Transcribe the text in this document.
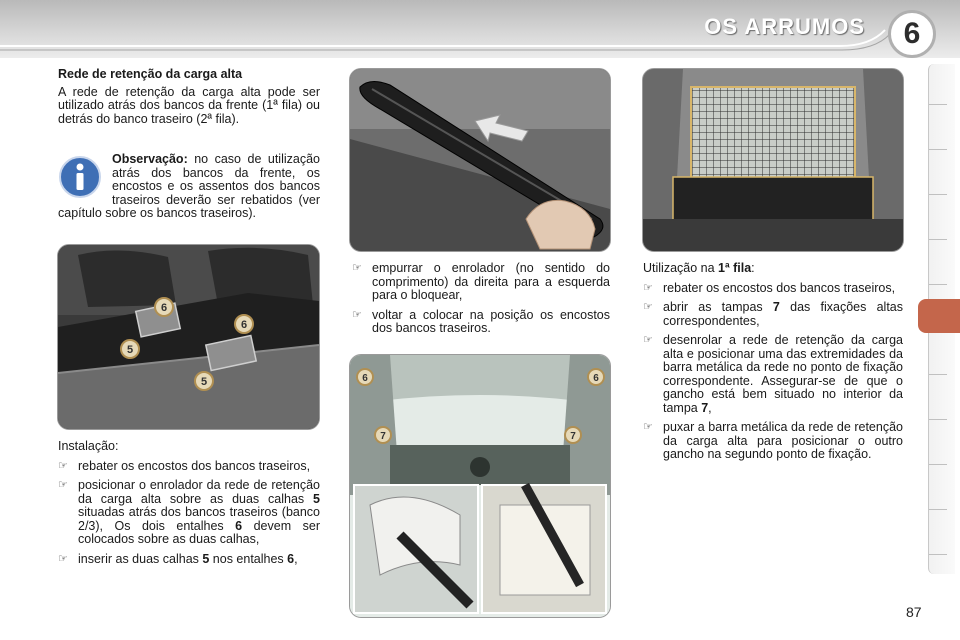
OS ARRUMOS	6

Rede de retenção da carga alta

A rede de retenção da carga alta pode ser utilizado atrás dos bancos da frente (1ª fila) ou detrás do banco traseiro (2ª fila).

Observação: no caso de utilização atrás dos bancos da frente, os encostos e os assentos dos bancos traseiros deverão ser rebatidos (ver capítulo sobre os bancos traseiros).
6
6
5
5

Instalação:

☞ rebater os encostos dos bancos traseiros,

☞ posicionar o enrolador da rede de retenção da carga alta sobre as duas calhas 5 situadas atrás dos bancos traseiros (banco 2/3), Os dois entalhes 6 devem ser colocados sobre as duas calhas,

☞ inserir as duas calhas 5 nos entalhes 6,

☞ empurrar o enrolador (no sentido do comprimento) da direita para a esquerda para o bloquear,

☞ voltar a colocar na posição os encostos dos bancos traseiros.

6	6
7	7

Utilização na 1ª fila:

☞ rebater os encostos dos bancos traseiros,

☞ abrir as tampas 7 das fixações altas correspondentes,

☞ desenrolar a rede de retenção da carga alta e posicionar uma das extremidades da barra metálica da rede no ponto de fixação correspondente. Assegurar-se de que o gancho está bem situado no interior da tampa 7,

☞ puxar a barra metálica da rede de retenção da carga alta para posicionar o outro gancho na segundo ponto de fixação.

87
